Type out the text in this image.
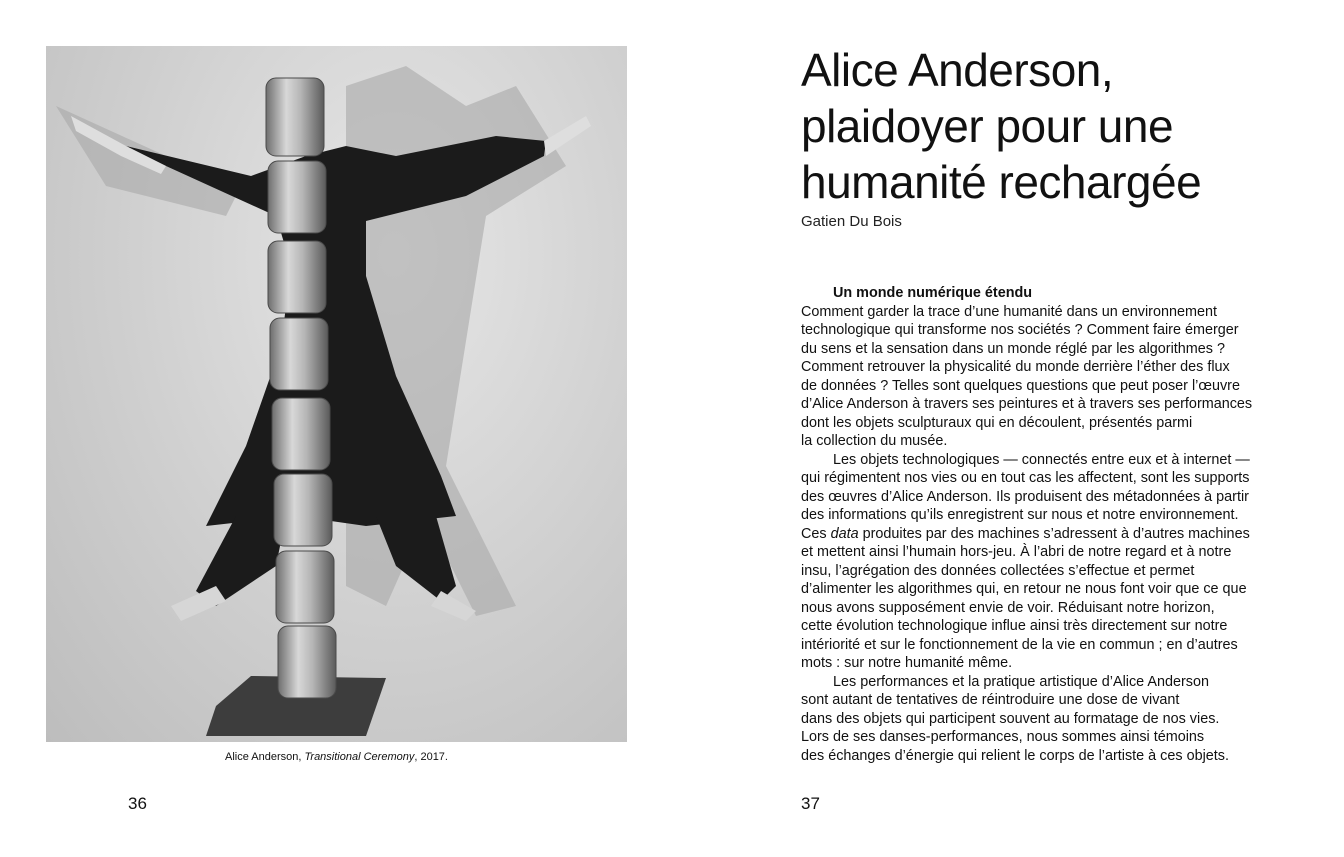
Alice Anderson, Transitional Ceremony, 2017.
36
Alice Anderson,
plaidoyer pour une
humanité rechargée
Gatien Du Bois
Un monde numérique étendu
Comment garder la trace d’une humanité dans un environnement
technologique qui transforme nos sociétés ? Comment faire émerger
du sens et la sensation dans un monde réglé par les algorithmes ?
Comment retrouver la physicalité du monde derrière l’éther des flux
de données ? Telles sont quelques questions que peut poser l’œuvre
d’Alice Anderson à travers ses peintures et à travers ses performances
dont les objets sculpturaux qui en découlent, présentés parmi
la collection du musée.
Les objets technologiques — connectés entre eux et à internet —
qui régimentent nos vies ou en tout cas les affectent, sont les supports
des œuvres d’Alice Anderson. Ils produisent des métadonnées à partir
des informations qu’ils enregistrent sur nous et notre environnement.
Ces data produites par des machines s’adressent à d’autres machines
et mettent ainsi l’humain hors-jeu. À l’abri de notre regard et à notre
insu, l’agrégation des données collectées s’effectue et permet
d’alimenter les algorithmes qui, en retour ne nous font voir que ce que
nous avons supposément envie de voir. Réduisant notre horizon,
cette évolution technologique influe ainsi très directement sur notre
intériorité et sur le fonctionnement de la vie en commun ; en d’autres
mots : sur notre humanité même.
Les performances et la pratique artistique d’Alice Anderson
sont autant de tentatives de réintroduire une dose de vivant
dans des objets qui participent souvent au formatage de nos vies.
Lors de ses danses-performances, nous sommes ainsi témoins
des échanges d’énergie qui relient le corps de l’artiste à ces objets.
37
